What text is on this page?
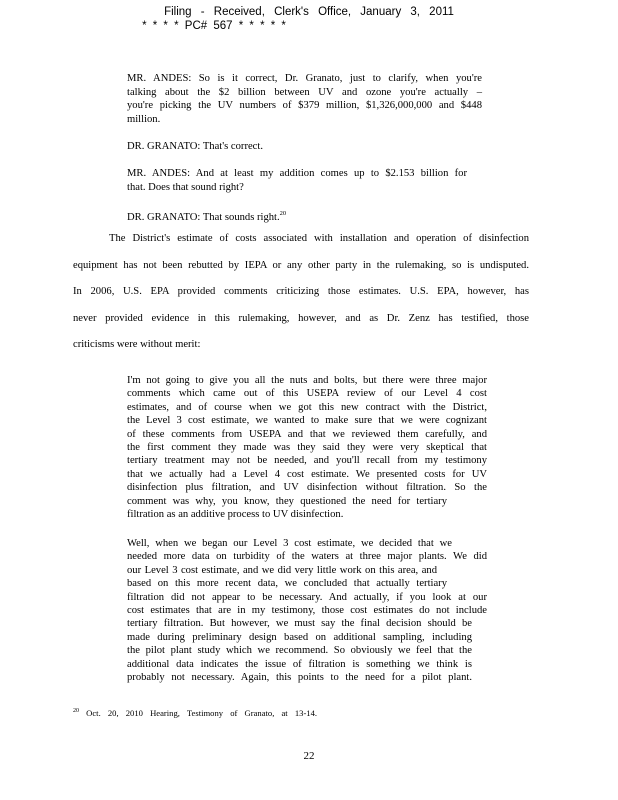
Filing - Received, Clerk's Office, January 3, 2011
* * * * PC# 567 * * * * *
MR. ANDES: So is it correct, Dr. Granato, just to clarify, when you're
talking about the $2 billion between UV and ozone you're actually –
you're picking the UV numbers of $379 million, $1,326,000,000 and $448
million.
DR. GRANATO: That's correct.
MR. ANDES: And at least my addition comes up to $2.153 billion for
that. Does that sound right?
DR. GRANATO: That sounds right.$^{20}$
The District's estimate of costs associated with installation and operation of disinfection
equipment has not been rebutted by IEPA or any other party in the rulemaking, so is undisputed.
In 2006, U.S. EPA provided comments criticizing those estimates. U.S. EPA, however, has
never provided evidence in this rulemaking, however, and as Dr. Zenz has testified, those
criticisms were without merit:
I'm not going to give you all the nuts and bolts, but there were three major
comments which came out of this USEPA review of our Level 4 cost
estimates, and of course when we got this new contract with the District,
the Level 3 cost estimate, we wanted to make sure that we were cognizant
of these comments from USEPA and that we reviewed them carefully, and
the first comment they made was they said they were very skeptical that
tertiary treatment may not be needed, and you'll recall from my testimony
that we actually had a Level 4 cost estimate. We presented costs for UV
disinfection plus filtration, and UV disinfection without filtration. So the
comment was why, you know, they questioned the need for tertiary
filtration as an additive process to UV disinfection.
Well, when we began our Level 3 cost estimate, we decided that we
needed more data on turbidity of the waters at three major plants. We did
our Level 3 cost estimate, and we did very little work on this area, and
based on this more recent data, we concluded that actually tertiary
filtration did not appear to be necessary. And actually, if you look at our
cost estimates that are in my testimony, those cost estimates do not include
tertiary filtration. But however, we must say the final decision should be
made during preliminary design based on additional sampling, including
the pilot plant study which we recommend. So obviously we feel that the
additional data indicates the issue of filtration is something we think is
probably not necessary. Again, this points to the need for a pilot plant.
$^{20}$ Oct. 20, 2010 Hearing, Testimony of Granato, at 13-14.
22
